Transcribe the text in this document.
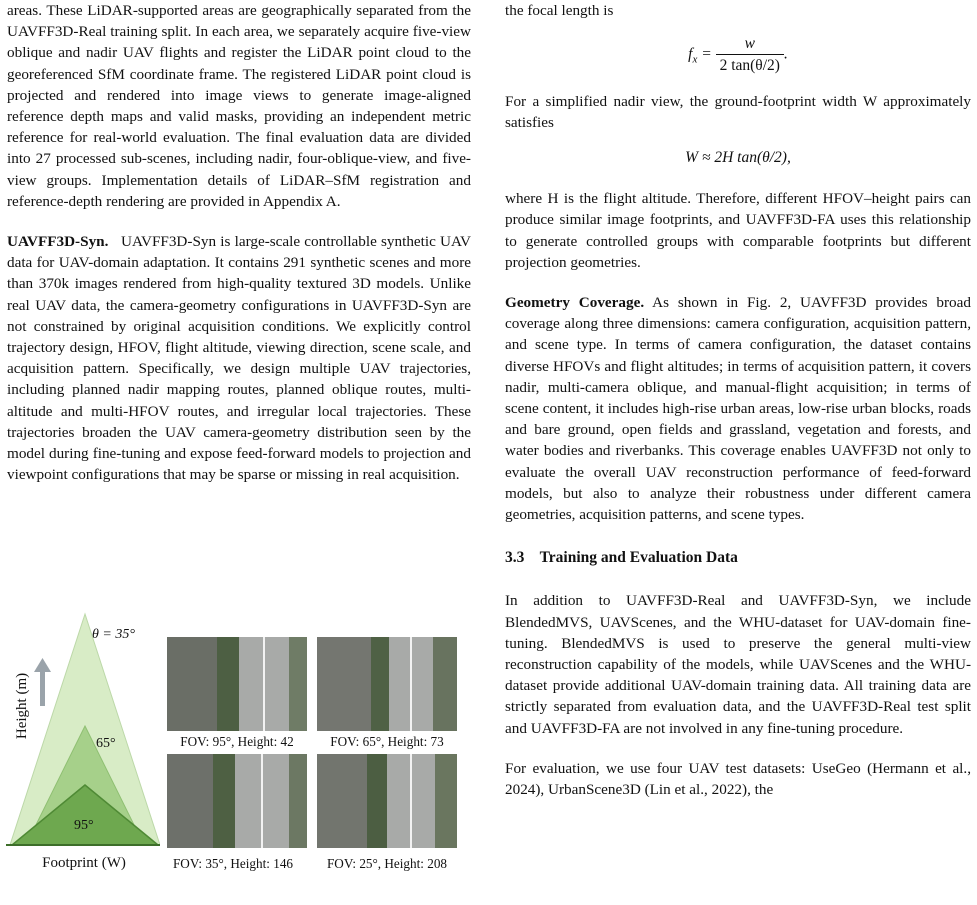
areas. These LiDAR-supported areas are geographically separated from the UAVFF3D-Real training split. In each area, we separately acquire five-view oblique and nadir UAV flights and register the LiDAR point cloud to the georeferenced SfM coordinate frame. The registered LiDAR point cloud is projected and rendered into image views to generate image-aligned reference depth maps and valid masks, providing an independent metric reference for real-world evaluation. The final evaluation data are divided into 27 processed sub-scenes, including nadir, four-oblique-view, and five-view groups. Implementation details of LiDAR–SfM registration and reference-depth rendering are provided in Appendix A.

UAVFF3D-Syn. UAVFF3D-Syn is large-scale controllable synthetic UAV data for UAV-domain adaptation. It contains 291 synthetic scenes and more than 370k images rendered from high-quality textured 3D models. Unlike real UAV data, the camera-geometry configurations in UAVFF3D-Syn are not constrained by original acquisition conditions. We explicitly control trajectory design, HFOV, flight altitude, viewing direction, scene scale, and acquisition pattern. Specifically, we design multiple UAV trajectories, including planned nadir mapping routes, planned oblique routes, multi-altitude and multi-HFOV routes, and irregular local trajectories. These trajectories broaden the UAV camera-geometry distribution seen by the model during fine-tuning and expose feed-forward models to projection and viewpoint configurations that may be sparse or missing in real acquisition.

Height (m)
θ = 35°
65°
95°
Footprint (W)
FOV: 95°, Height: 42	FOV: 65°, Height: 73
FOV: 35°, Height: 146	FOV: 25°, Height: 208

the focal length is

$f_x = \frac{w}{2 \tan(\theta/2)}$ .

For a simplified nadir view, the ground-footprint width W approximately satisfies

W ≈ 2H tan(θ/2),

where H is the flight altitude. Therefore, different HFOV–height pairs can produce similar image footprints, and UAVFF3D-FA uses this relationship to generate controlled groups with comparable footprints but different projection geometries.

Geometry Coverage. As shown in Fig. 2, UAVFF3D provides broad coverage along three dimensions: camera configuration, acquisition pattern, and scene type. In terms of camera configuration, the dataset contains diverse HFOVs and flight altitudes; in terms of acquisition pattern, it covers nadir, multi-camera oblique, and manual-flight acquisition; in terms of scene content, it includes high-rise urban areas, low-rise urban blocks, roads and bare ground, open fields and grassland, vegetation and forests, and water bodies and riverbanks. This coverage enables UAVFF3D not only to evaluate the overall UAV reconstruction performance of feed-forward models, but also to analyze their robustness under different camera geometries, acquisition patterns, and scene types.

3.3 Training and Evaluation Data

In addition to UAVFF3D-Real and UAVFF3D-Syn, we include BlendedMVS, UAVScenes, and the WHU-dataset for UAV-domain fine-tuning. BlendedMVS is used to preserve the general multi-view reconstruction capability of the models, while UAVScenes and the WHU-dataset provide additional UAV-domain training data. All training data are strictly separated from evaluation data, and the UAVFF3D-Real test split and UAVFF3D-FA are not involved in any fine-tuning procedure.

For evaluation, we use four UAV test datasets: UseGeo (Hermann et al., 2024), UrbanScene3D (Lin et al., 2022), the
